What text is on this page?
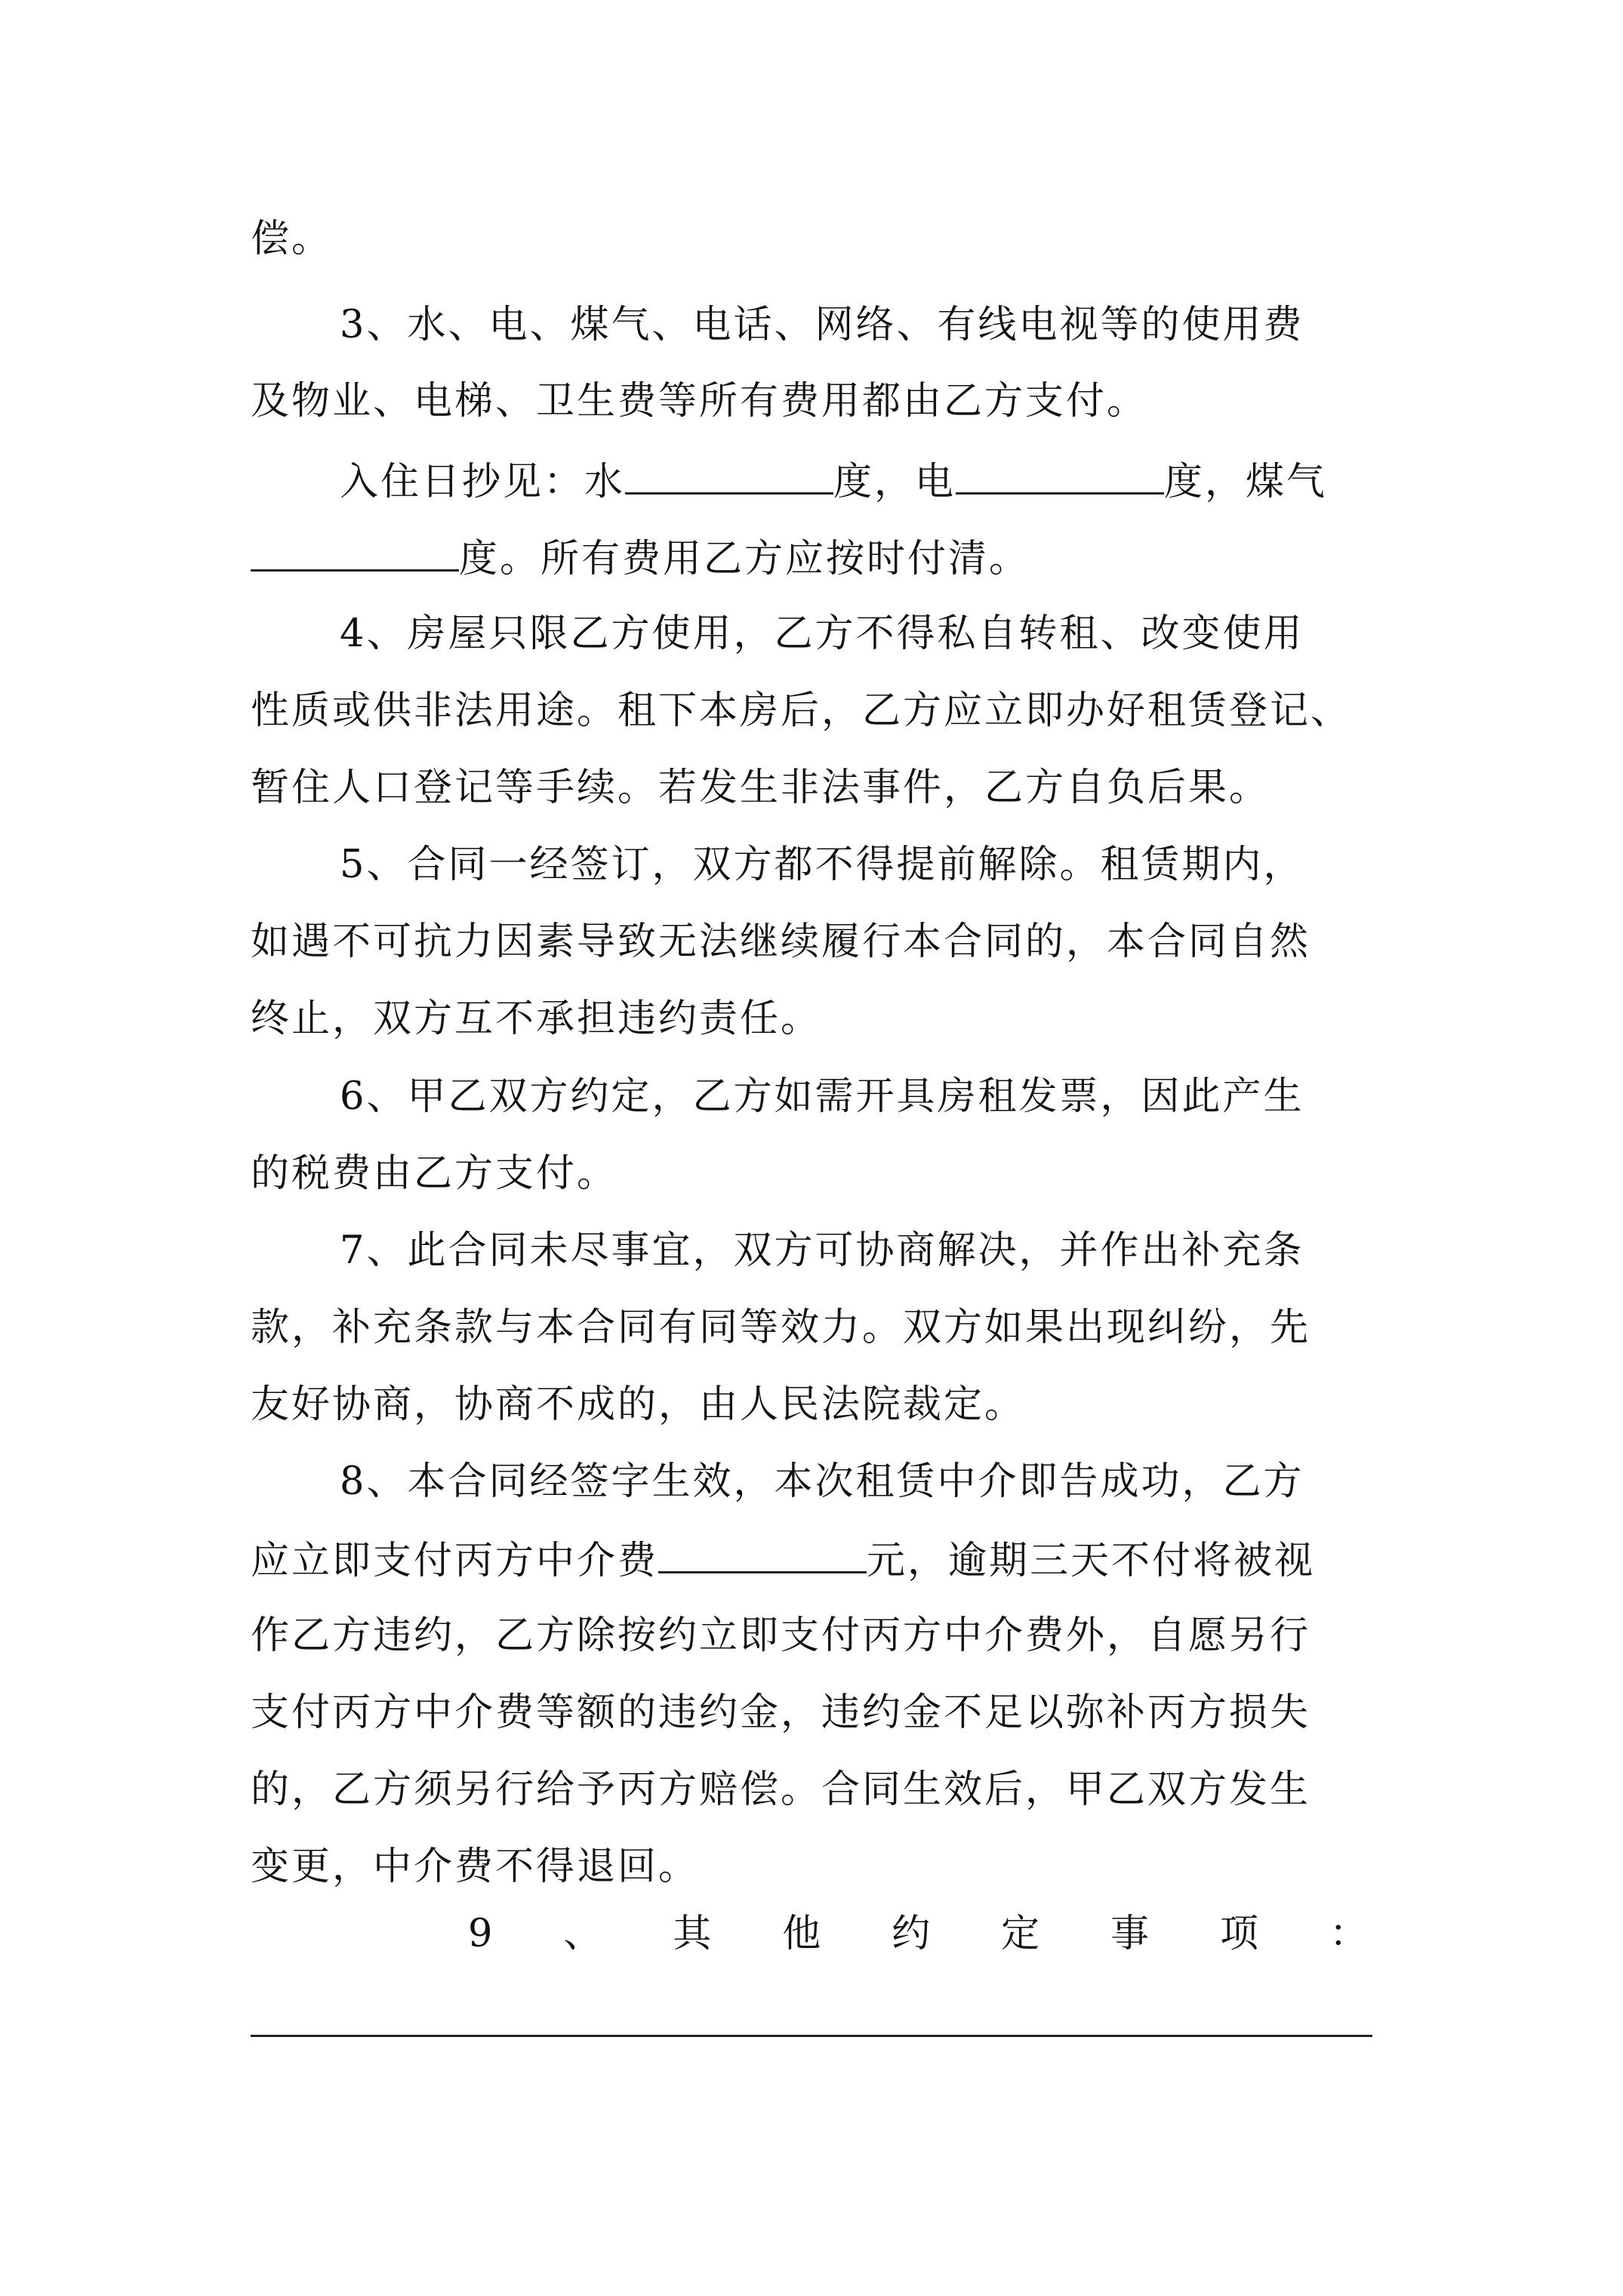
偿。
3、水、电、煤气、电话、网络、有线电视等的使用费
及物业、电梯、卫生费等所有费用都由乙方支付。
入住日抄见：水	度，电	度，煤气
度。所有费用乙方应按时付清。
4、房屋只限乙方使用，乙方不得私自转租、改变使用
性质或供非法用途。租下本房后，乙方应立即办好租赁登记、
暂住人口登记等手续。若发生非法事件，乙方自负后果。
5、合同一经签订，双方都不得提前解除。租赁期内，
如遇不可抗力因素导致无法继续履行本合同的，本合同自然
终止，双方互不承担违约责任。
6、甲乙双方约定，乙方如需开具房租发票，因此产生
的税费由乙方支付。
7、此合同未尽事宜，双方可协商解决，并作出补充条
款，补充条款与本合同有同等效力。双方如果出现纠纷，先
友好协商，协商不成的，由人民法院裁定。
8、本合同经签字生效，本次租赁中介即告成功，乙方
应立即支付丙方中介费	元，逾期三天不付将被视
作乙方违约，乙方除按约立即支付丙方中介费外，自愿另行
支付丙方中介费等额的违约金，违约金不足以弥补丙方损失
的，乙方须另行给予丙方赔偿。合同生效后，甲乙双方发生
变更，中介费不得退回。
9 、 其 他 约 定 事 项 ：
